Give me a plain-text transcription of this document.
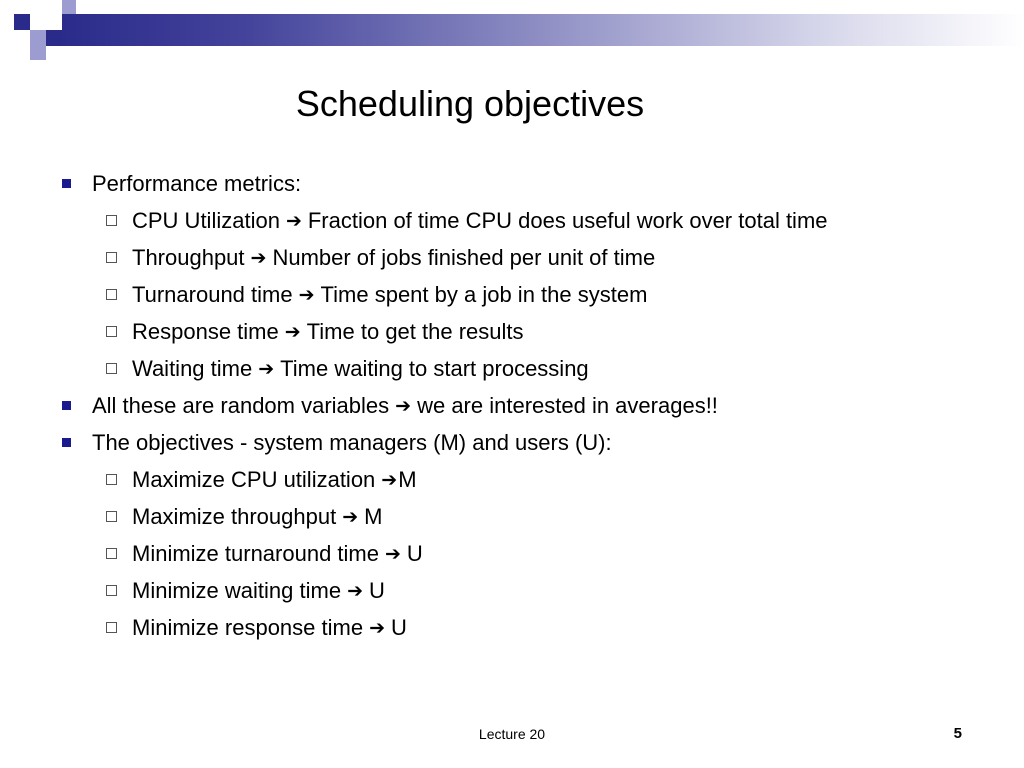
Scheduling objectives
Performance metrics:
CPU Utilization ➔ Fraction of time CPU does useful work over total time
Throughput ➔ Number of jobs finished per unit of time
Turnaround time ➔ Time spent by a job in the system
Response time ➔ Time to get the results
Waiting time ➔ Time waiting to start processing
All these are random variables ➔ we are interested in averages!!
The objectives - system managers (M) and users (U):
Maximize CPU utilization ➔ M
Maximize throughput ➔ M
Minimize turnaround time ➔ U
Minimize waiting time ➔ U
Minimize response time ➔ U
Lecture 20	5
